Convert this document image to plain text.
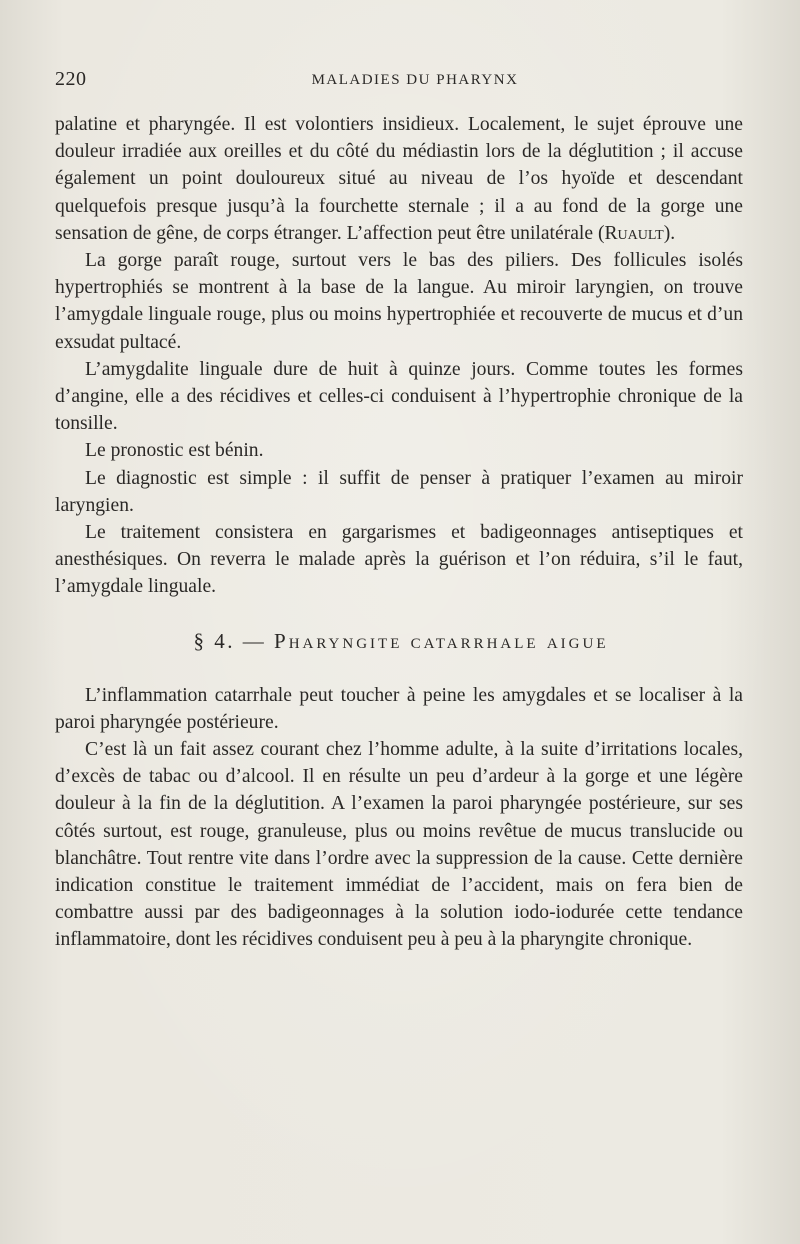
220	MALADIES DU PHARYNX

palatine et pharyngée. Il est volontiers insidieux. Localement, le sujet éprouve une douleur irradiée aux oreilles et du côté du médiastin lors de la déglutition ; il accuse également un point douloureux situé au niveau de l’os hyoïde et descendant quelquefois presque jusqu’à la fourchette sternale ; il a au fond de la gorge une sensation de gêne, de corps étranger. L’affection peut être unilatérale (Ruault).

La gorge paraît rouge, surtout vers le bas des piliers. Des follicules isolés hypertrophiés se montrent à la base de la langue. Au miroir laryngien, on trouve l’amygdale linguale rouge, plus ou moins hypertrophiée et recouverte de mucus et d’un exsudat pultacé.

L’amygdalite linguale dure de huit à quinze jours. Comme toutes les formes d’angine, elle a des récidives et celles-ci conduisent à l’hypertrophie chronique de la tonsille.

Le pronostic est bénin.

Le diagnostic est simple : il suffit de penser à pratiquer l’examen au miroir laryngien.

Le traitement consistera en gargarismes et badigeonnages antiseptiques et anesthésiques. On reverra le malade après la guérison et l’on réduira, s’il le faut, l’amygdale linguale.

§ 4. — Pharyngite catarrhale aigue

L’inflammation catarrhale peut toucher à peine les amygdales et se localiser à la paroi pharyngée postérieure.

C’est là un fait assez courant chez l’homme adulte, à la suite d’irritations locales, d’excès de tabac ou d’alcool. Il en résulte un peu d’ardeur à la gorge et une légère douleur à la fin de la déglutition. A l’examen la paroi pharyngée postérieure, sur ses côtés surtout, est rouge, granuleuse, plus ou moins revêtue de mucus translucide ou blanchâtre. Tout rentre vite dans l’ordre avec la suppression de la cause. Cette dernière indication constitue le traitement immédiat de l’accident, mais on fera bien de combattre aussi par des badigeonnages à la solution iodo-iodurée cette tendance inflammatoire, dont les récidives conduisent peu à peu à la pharyngite chronique.
